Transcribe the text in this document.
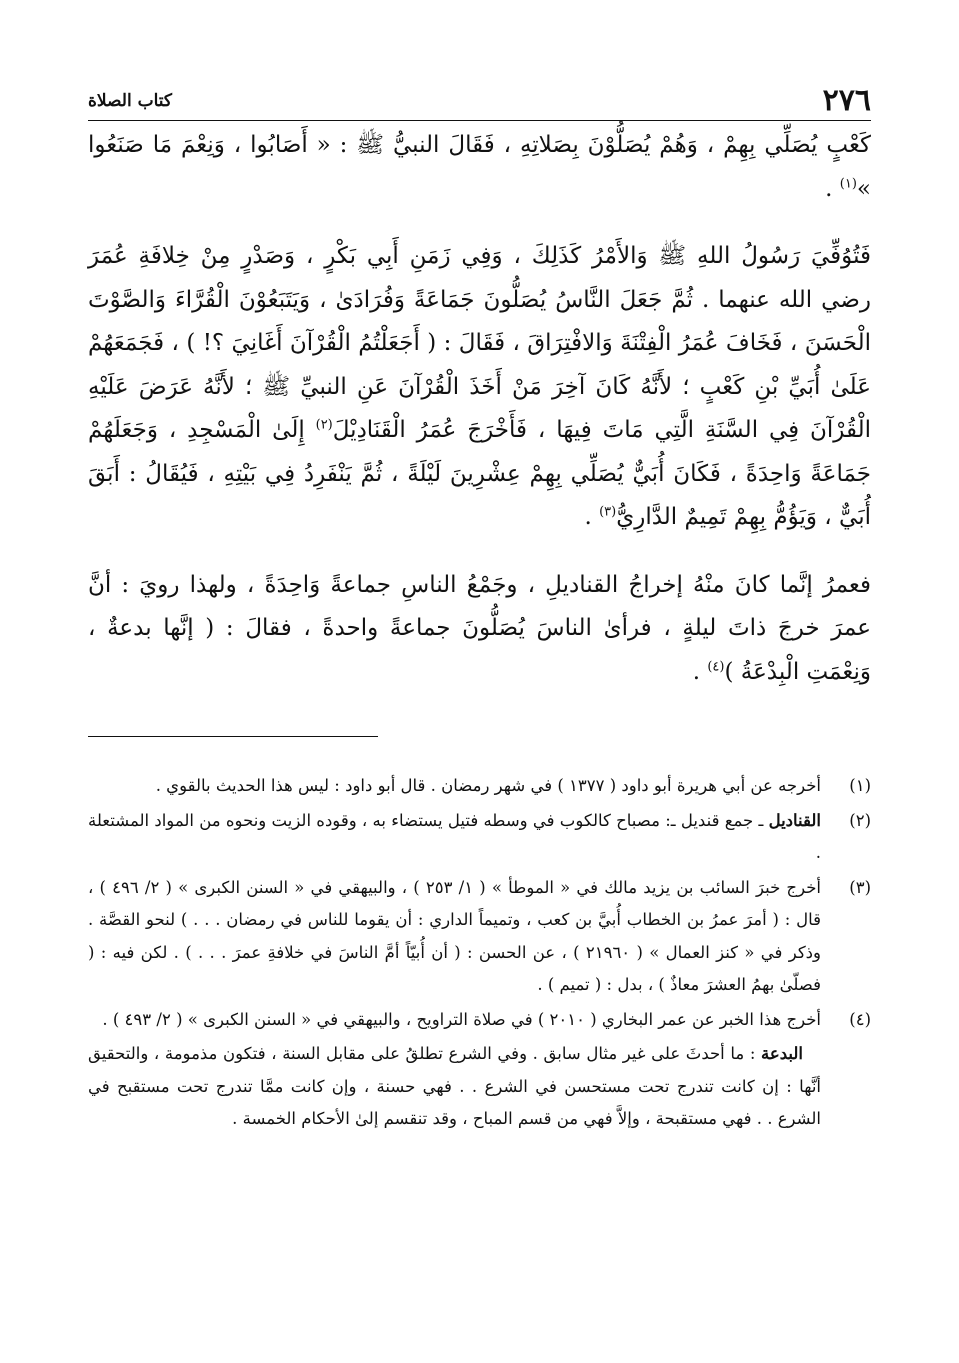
٢٧٦
كتاب الصلاة

كَعْبٍ يُصَلِّي بِهِمْ ، وَهُمْ يُصَلُّوْنَ بِصَلاتِهِ ، فَقَالَ النبيُّ ﷺ : « أَصَابُوا ، وَنِعْمَ مَا صَنَعُوا »$^{(١)}$ .

فَتُوُفِّيَ رَسُولُ اللهِ ﷺ وَالأَمْرُ كَذَلِكَ ، وَفِي زَمَنِ أَبِي بَكْرٍ ، وَصَدْرٍ مِنْ خِلافَةِ عُمَرَ رضي الله عنهما . ثُمَّ جَعَلَ النَّاسُ يُصَلُّونَ جَمَاعَةً وَفُرَادَىٰ ، وَيَتَبَعُوْنَ الْقُرَّاءَ وَالصَّوْتَ الْحَسَنَ ، فَخَافَ عُمَرُ الْفِتْنَةَ وَالافْتِرَاقَ ، فَقَالَ : ( أَجَعَلْتُمُ الْقُرْآنَ أَغَانِيَ ؟! ) ، فَجَمَعَهُمْ عَلَىٰ أُبَيِّ بْنِ كَعْبٍ ؛ لأَنَّهُ كَانَ آخِرَ مَنْ أَخَذَ الْقُرْآنَ عَنِ النبيِّ ﷺ ؛ لأَنَّهُ عَرَضَ عَلَيْهِ الْقُرْآنَ فِي السَّنَةِ الَّتِي مَاتَ فِيهَا ، فَأَخْرَجَ عُمَرُ الْقَنَادِيْلَ$^{(٢)}$ إِلَىٰ الْمَسْجِدِ ، وَجَعَلَهُمْ جَمَاعَةً وَاحِدَةً ، فَكَانَ أُبَيٌّ يُصَلِّي بِهِمْ عِشْرِينَ لَيْلَةً ، ثُمَّ يَنْفَرِدُ فِي بَيْتِهِ ، فَيُقَالُ : أَبَقَ أُبَيٌّ ، وَيَؤُمُّ بِهِمْ تَمِيمٌ الدَّارِيُّ$^{(٣)}$ .

فعمرُ إنَّما كانَ منْهُ إخراجُ القناديلِ ، وجَمْعُ الناسِ جماعةً وَاحِدَةً ، ولهذا رويَ : أنَّ عمرَ خرجَ ذاتَ ليلةٍ ، فرأىٰ الناسَ يُصَلُّونَ جماعةً واحدةً ، فقالَ : ( إنَّها بدعةٌ ، وَنِعْمَتِ الْبِدْعَةُ )$^{(٤)}$ .

(١)
أخرجه عن أبي هريرة أبو داود ( ١٣٧٧ ) في شهر رمضان . قال أبو داود : ليس هذا الحديث بالقوي .
(٢)
القناديل ـ جمع قنديل ـ: مصباح كالكوب في وسطه فتيل يستضاء به ، وقوده الزيت ونحوه من المواد المشتعلة .
(٣)
أخرج خبرَ السائب بن يزيد مالك في « الموطأ » ( ١/ ٢٥٣ ) ، والبيهقي في « السنن الكبرى » ( ٢/ ٤٩٦ ) ، قال : ( أمرَ عمرُ بن الخطاب أُبيَّ بن كعب ، وتميماً الداري : أن يقوما للناس في رمضان . . . ) لنحو القصَّة . وذكر في « كنز العمال » ( ٢١٩٦٠ ) ، عن الحسن : ( أن أُبيّاً أمَّ الناسَ في خلافةِ عمرَ . . . ) . لكن فيه : ( فصلّىٰ بهمُ العشرَ معاذٌ ) ، بدل : ( تميم ) .
(٤)
أخرج هذا الخبر عن عمر البخاري ( ٢٠١٠ ) في صلاة التراويح ، والبيهقي في « السنن الكبرى » ( ٢/ ٤٩٣ ) .
البدعة : ما أحدثَ على غير مثال سابق . وفي الشرع تطلقُ على مقابل السنة ، فتكون مذمومة ، والتحقيق أنَّها : إن كانت تندرج تحت مستحسن في الشرع . . فهي حسنة ، وإن كانت ممَّا تندرج تحت مستقبح في الشرع . . فهي مستقبحة ، وإلاَّ فهي من قسم المباح ، وقد تنقسم إلىٰ الأحكام الخمسة .
